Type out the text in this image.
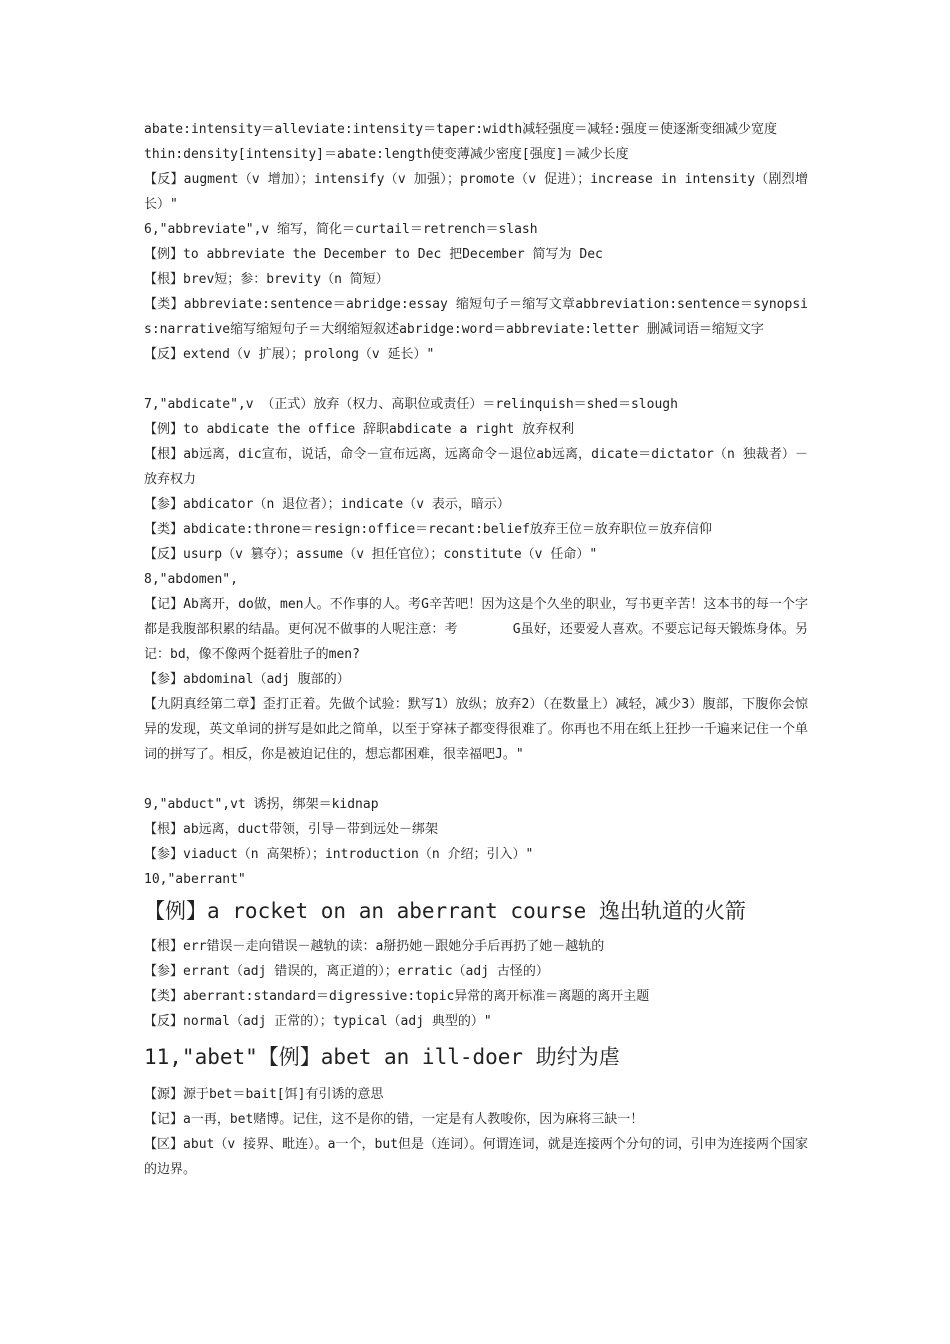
abate:intensity＝alleviate:intensity＝taper:width减轻强度＝减轻:强度＝使逐渐变细减少宽度
thin:density[intensity]＝abate:length使变薄减少密度[强度]＝减少长度
【反】augment（v 增加）；intensify（v 加强）；promote（v 促进）；increase in intensity（剧烈增长）"
6,"abbreviate",v 缩写，简化＝curtail＝retrench＝slash
【例】to abbreviate the December to Dec 把December 简写为 Dec
【根】brev短；参：brevity（n 简短）
【类】abbreviate:sentence＝abridge:essay 缩短句子＝缩写文章abbreviation:sentence＝synopsis:narrative缩写缩短句子＝大纲缩短叙述abridge:word＝abbreviate:letter 删减词语＝缩短文字
【反】extend（v 扩展）；prolong（v 延长）"
7,"abdicate",v （正式）放弃（权力、高职位或责任）＝relinquish＝shed＝slough
【例】to abdicate the office 辞职abdicate a right 放弃权利
【根】ab远离，dic宣布，说话，命令－宣布远离，远离命令－退位ab远离，dicate＝dictator（n 独裁者）－放弃权力
【参】abdicator（n 退位者）；indicate（v 表示，暗示）
【类】abdicate:throne＝resign:office＝recant:belief放弃王位＝放弃职位＝放弃信仰
【反】usurp（v 篡夺）；assume（v 担任官位）；constitute（v 任命）"
8,"abdomen",
【记】Ab离开，do做，men人。不作事的人。考G辛苦吧！因为这是个久坐的职业，写书更辛苦！这本书的每一个字都是我腹部积累的结晶。更何况不做事的人呢注意：考       G虽好，还要爱人喜欢。不要忘记每天锻炼身体。另记：bd，像不像两个挺着肚子的men?
【参】abdominal（adj 腹部的）
【九阴真经第二章】歪打正着。先做个试验：默写1）放纵；放弃2）（在数量上）减轻，减少3）腹部，下腹你会惊异的发现，英文单词的拼写是如此之简单，以至于穿袜子都变得很难了。你再也不用在纸上狂抄一千遍来记住一个单词的拼写了。相反，你是被迫记住的，想忘都困难，很幸福吧J。"
9,"abduct",vt 诱拐，绑架＝kidnap
【根】ab远离，duct带领，引导－带到远处－绑架
【参】viaduct（n 高架桥）；introduction（n 介绍；引入）"
10,"aberrant"
【例】a rocket on an aberrant course 逸出轨道的火箭
【根】err错误－走向错误－越轨的读：a掰扔她－跟她分手后再扔了她－越轨的
【参】errant（adj 错误的，离正道的）；erratic（adj 古怪的）
【类】aberrant:standard＝digressive:topic异常的离开标准＝离题的离开主题
【反】normal（adj 正常的）；typical（adj 典型的）"
11,"abet"【例】abet an ill-doer 助纣为虐
【源】源于bet＝bait[饵]有引诱的意思
【记】a一再，bet赌博。记住，这不是你的错，一定是有人教唆你，因为麻将三缺一！
【区】abut（v 接界、毗连）。a一个，but但是（连词）。何谓连词，就是连接两个分句的词，引申为连接两个国家的边界。
